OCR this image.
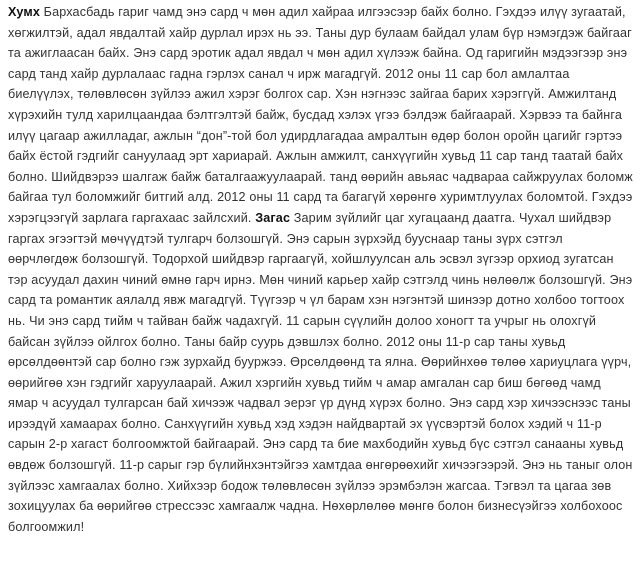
Хумх Бархасбадь гариг чамд энэ сард ч мөн адил хайраа илгээсээр байх болно. Гэхдээ илүү зугаатай, хөгжилтэй, адал явдалтай хайр дурлал ирэх нь ээ. Таны дур булаам байдал улам бүр нэмэгдэж байгааг та ажиглаасан байх. Энэ сард эротик адал явдал ч мөн адил хүлээж байна. Од гаригийн мэдээгээр энэ сард танд хайр дурлалаас гадна гэрлэх санал ч ирж магадгүй. 2012 оны 11 сар бол амлалтаа биелүүлэх, төлөвлөсөн зүйлээ ажил хэрэг болгох сар. Хэн нэгнээс зайгаа барих хэрэггүй. Амжилтанд хүрэхийн тулд харилцаандаа бэлтгэлтэй байж, бусдад хэлэх үгээ бэлдэж байгаарай. Хэрвээ та байнга илүү цагаар ажилладаг, ажлын “дон”-той бол удирдлагадаа амралтын өдөр болон оройн цагийг гэртээ байх ёстой гэдгийг сануулаад эрт хариарай. Ажлын амжилт, санхүүгийн хувьд 11 сар танд таатай байх болно. Шийдвэрээ шалгаж байж баталгаажуулаарай. танд өөрийн авьяас чадвараа сайжруулах боломж байгаа тул боломжийг битгий алд. 2012 оны 11 сард та багагүй хөрөнгө хуримтлуулах боломтой. Гэхдээ хэрэгцээгүй зарлага гаргахаас зайлсхий. Загас Зарим зүйлийг цаг хугацаанд даатга. Чухал шийдвэр гаргах эгээгтэй мөчүүдтэй тулгарч болзошгүй. Энэ сарын зүрхэйд бууснаар таны зүрх сэтгэл өөрчлөгдөж болзошгүй. Тодорхой шийдвэр гаргаагүй, хойшлуулсан аль эсвэл зүгээр орхиод зугатсан тэр асуудал дахин чиний өмнө гарч ирнэ. Мөн чиний карьер хайр сэтгэлд чинь нөлөөлж болзошгүй. Энэ сард та романтик аялалд явж магадгүй. Түүгээр ч үл барам хэн нэгэнтэй шинээр дотно холбоо тогтоох нь. Чи энэ сард тийм ч тайван байж чадахгүй. 11 сарын сүүлийн долоо хоногт та учрыг нь олохгүй байсан зүйлээ ойлгох болно. Таны байр суурь дэвшлэх болно. 2012 оны 11-р сар таны хувьд өрсөлдөөнтэй сар болно гэж зурхайд бууржээ. Өрсөлдөөнд та ялна. Өөрийнхөө төлөө хариуцлага үүрч, өөрийгөө хэн гэдгийг харуулаарай. Ажил хэргийн хувьд тийм ч амар амгалан сар биш бөгөөд чамд ямар ч асуудал тулгарсан бай хичээж чадвал эерэг үр дүнд хүрэх болно. Энэ сард хэр хичээснээс таны ирээдүй хамаарах болно. Санхүүгийн хувьд хэд хэдэн найдвартай эх үүсвэртэй болох хэдий ч 11-р сарын 2-р хагаст болгоомжтой байгаарай. Энэ сард та бие махбодийн хувьд бүс сэтгэл санааны хувьд өвдөж болзошгүй. 11-р сарыг гэр бүлийнхэнтэйгээ хамтдаа өнгөрөөхийг хичээгээрэй. Энэ нь таныг олон зүйлээс хамгаалах болно. Хийхээр бодож төлөвлөсөн зүйлээ эрэмбэлэн жагсаа. Тэгвэл та цагаа зөв зохицуулах ба өөрийгөө стрессээс хамгаалж чадна. Нөхөрлөлөө мөнгө болон бизнесүэйгээ холбохоос болгоомжил!
